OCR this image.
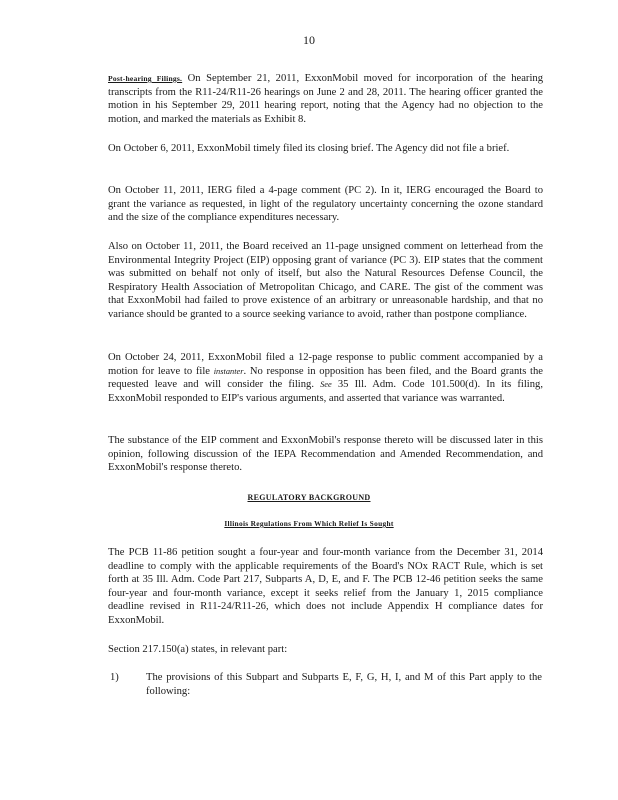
10

Post-hearing Filings. On September 21, 2011, ExxonMobil moved for incorporation of the hearing transcripts from the R11-24/R11-26 hearings on June 2 and 28, 2011. The hearing officer granted the motion in his September 29, 2011 hearing report, noting that the Agency had no objection to the motion, and marked the materials as Exhibit 8.

On October 6, 2011, ExxonMobil timely filed its closing brief. The Agency did not file a brief.

On October 11, 2011, IERG filed a 4-page comment (PC 2). In it, IERG encouraged the Board to grant the variance as requested, in light of the regulatory uncertainty concerning the ozone standard and the size of the compliance expenditures necessary.

Also on October 11, 2011, the Board received an 11-page unsigned comment on letterhead from the Environmental Integrity Project (EIP) opposing grant of variance (PC 3). EIP states that the comment was submitted on behalf not only of itself, but also the Natural Resources Defense Council, the Respiratory Health Association of Metropolitan Chicago, and CARE. The gist of the comment was that ExxonMobil had failed to prove existence of an arbitrary or unreasonable hardship, and that no variance should be granted to a source seeking variance to avoid, rather than postpone compliance.

On October 24, 2011, ExxonMobil filed a 12-page response to public comment accompanied by a motion for leave to file instanter. No response in opposition has been filed, and the Board grants the requested leave and will consider the filing. See 35 Ill. Adm. Code 101.500(d). In its filing, ExxonMobil responded to EIP's various arguments, and asserted that variance was warranted.

The substance of the EIP comment and ExxonMobil's response thereto will be discussed later in this opinion, following discussion of the IEPA Recommendation and Amended Recommendation, and ExxonMobil's response thereto.

REGULATORY BACKGROUND
Illinois Regulations From Which Relief Is Sought

The PCB 11-86 petition sought a four-year and four-month variance from the December 31, 2014 deadline to comply with the applicable requirements of the Board's NOx RACT Rule, which is set forth at 35 Ill. Adm. Code Part 217, Subparts A, D, E, and F. The PCB 12-46 petition seeks the same four-year and four-month variance, except it seeks relief from the January 1, 2015 compliance deadline revised in R11-24/R11-26, which does not include Appendix H compliance dates for ExxonMobil.

Section 217.150(a) states, in relevant part:

1)	The provisions of this Subpart and Subparts E, F, G, H, I, and M of this Part apply to the following:
